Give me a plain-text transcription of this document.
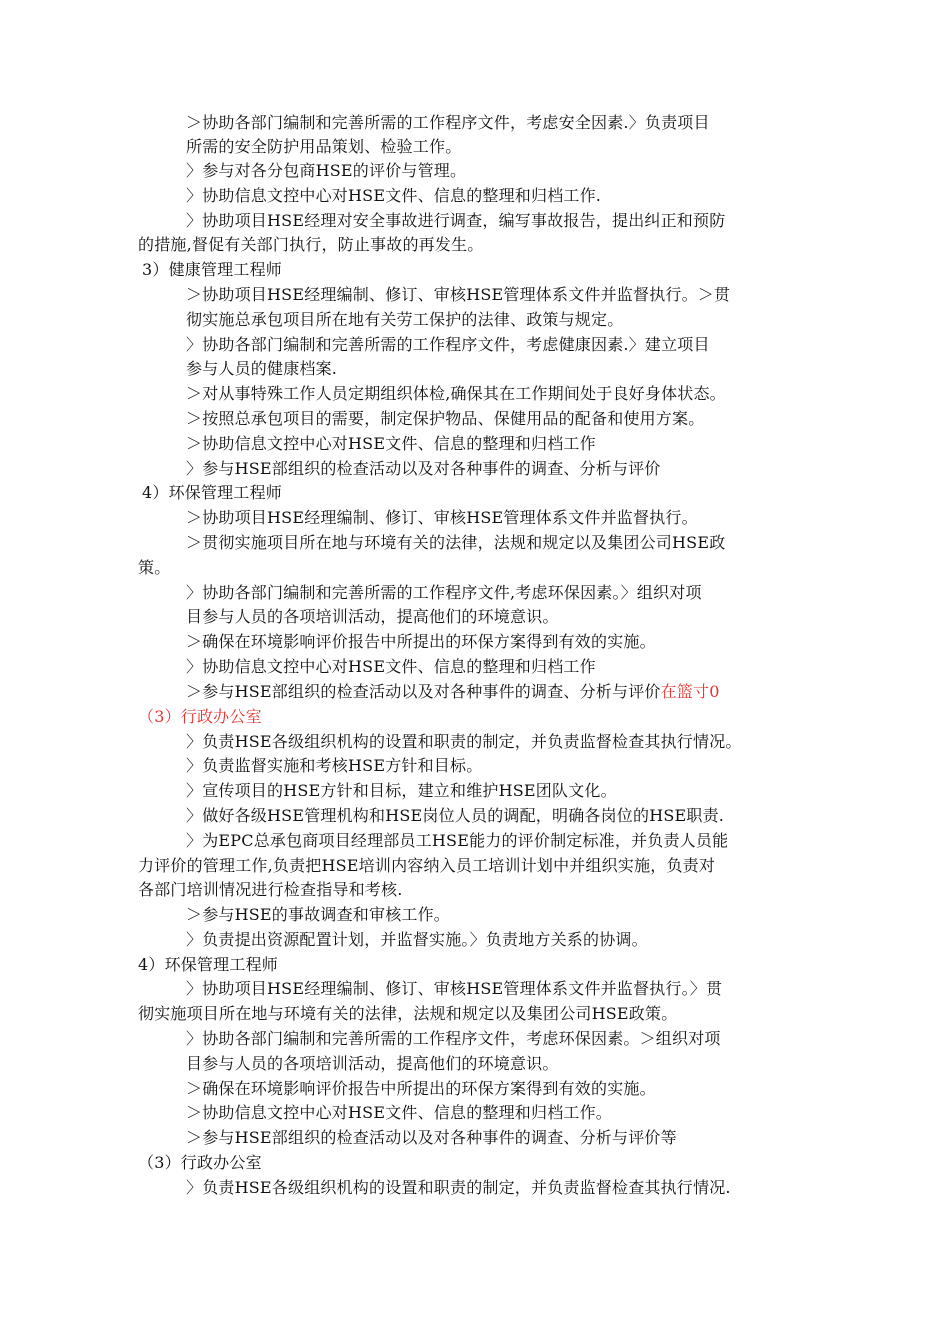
＞协助各部门编制和完善所需的工作程序文件，考虑安全因素.〉负责项目
所需的安全防护用品策划、检验工作。
〉参与对各分包商HSE的评价与管理。
〉协助信息文控中心对HSE文件、信息的整理和归档工作.
〉协助项目HSE经理对安全事故进行调查，编写事故报告，提出纠正和预防
的措施,督促有关部门执行，防止事故的再发生。
3）健康管理工程师
＞协助项目HSE经理编制、修订、审核HSE管理体系文件并监督执行。＞贯
彻实施总承包项目所在地有关劳工保护的法律、政策与规定。
〉协助各部门编制和完善所需的工作程序文件，考虑健康因素.〉建立项目
参与人员的健康档案.
＞对从事特殊工作人员定期组织体检,确保其在工作期间处于良好身体状态。
＞按照总承包项目的需要，制定保护物品、保健用品的配备和使用方案。
＞协助信息文控中心对HSE文件、信息的整理和归档工作
〉参与HSE部组织的检查活动以及对各种事件的调查、分析与评价
4）环保管理工程师
＞协助项目HSE经理编制、修订、审核HSE管理体系文件并监督执行。
＞贯彻实施项目所在地与环境有关的法律，法规和规定以及集团公司HSE政
策。
〉协助各部门编制和完善所需的工作程序文件,考虑环保因素。〉组织对项
目参与人员的各项培训活动，提高他们的环境意识。
＞确保在环境影响评价报告中所提出的环保方案得到有效的实施。
〉协助信息文控中心对HSE文件、信息的整理和归档工作
＞参与HSE部组织的检查活动以及对各种事件的调查、分析与评价在篮寸0
（3）行政办公室
〉负责HSE各级组织机构的设置和职责的制定，并负责监督检查其执行情况。
〉负责监督实施和考核HSE方针和目标。
〉宣传项目的HSE方针和目标，建立和维护HSE团队文化。
〉做好各级HSE管理机构和HSE岗位人员的调配，明确各岗位的HSE职责.
〉为EPC总承包商项目经理部员工HSE能力的评价制定标准，并负责人员能
力评价的管理工作,负责把HSE培训内容纳入员工培训计划中并组织实施，负责对
各部门培训情况进行检查指导和考核.
＞参与HSE的事故调查和审核工作。
〉负责提出资源配置计划，并监督实施。〉负责地方关系的协调。
4）环保管理工程师
〉协助项目HSE经理编制、修订、审核HSE管理体系文件并监督执行。〉贯
彻实施项目所在地与环境有关的法律，法规和规定以及集团公司HSE政策。
〉协助各部门编制和完善所需的工作程序文件，考虑环保因素。＞组织对项
目参与人员的各项培训活动，提高他们的环境意识。
＞确保在环境影响评价报告中所提出的环保方案得到有效的实施。
＞协助信息文控中心对HSE文件、信息的整理和归档工作。
＞参与HSE部组织的检查活动以及对各种事件的调查、分析与评价等
（3）行政办公室
〉负责HSE各级组织机构的设置和职责的制定，并负责监督检查其执行情况.
